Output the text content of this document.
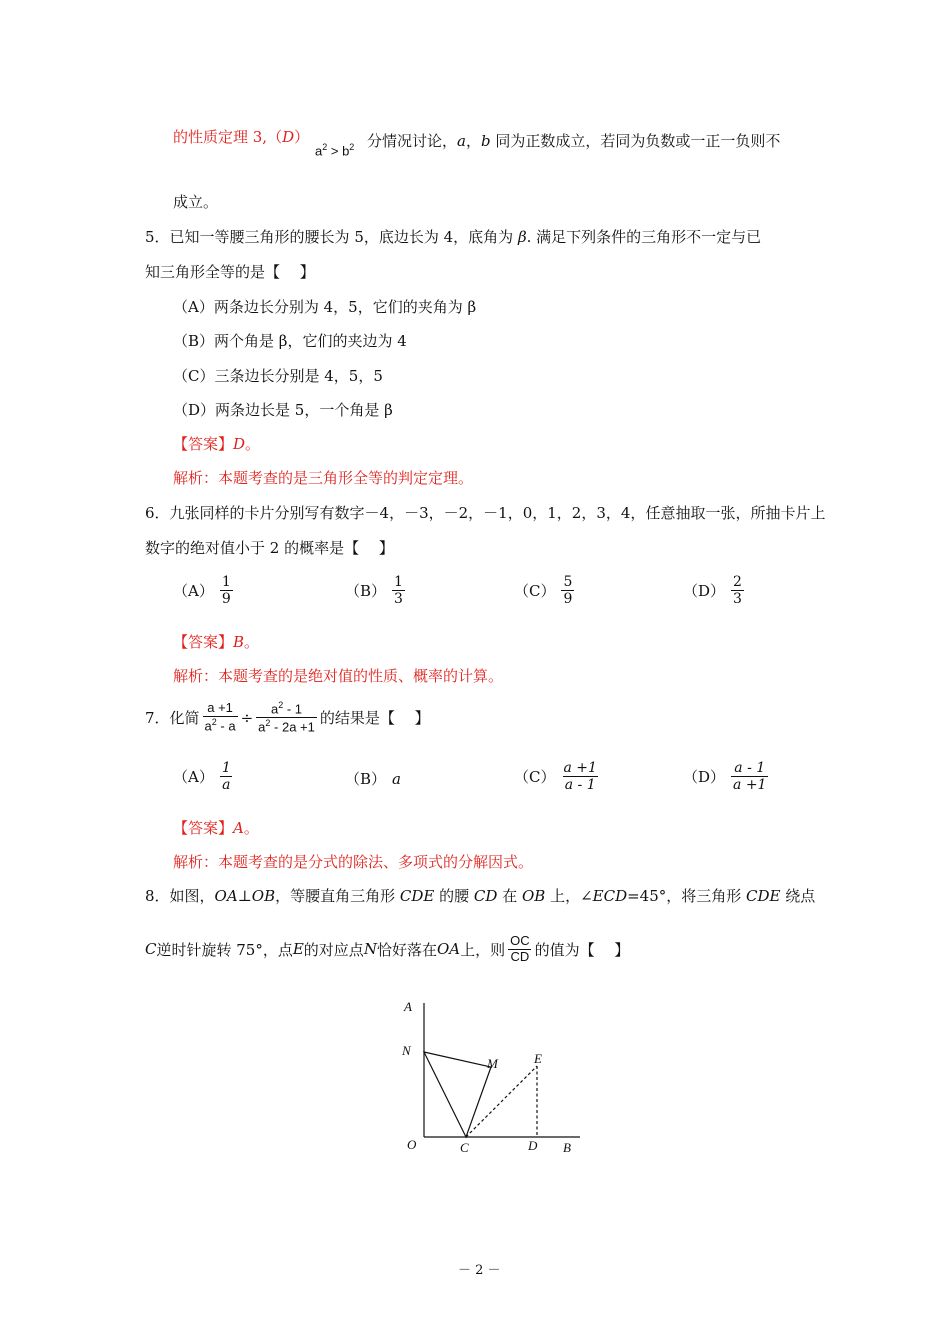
的性质定理 3,（D）
$a^2 > b^2$ 分情况讨论，a，b 同为正数成立，若同为负数或一正一负则不
成立。
5．已知一等腰三角形的腰长为 5，底边长为 4，底角为 β. 满足下列条件的三角形不一定与已
知三角形全等的是【　 】
（A）两条边长分别为 4，5，它们的夹角为 β
（B）两个角是 β，它们的夹边为 4
（C）三条边长分别是 4，5，5
（D）两条边长是 5，一个角是 β
【答案】D。
解析：本题考查的是三角形全等的判定定理。
6．九张同样的卡片分别写有数字－4，－3，－2，－1，0，1，2，3，4，任意抽取一张，所抽卡片上
数字的绝对值小于 2 的概率是【　 】
$(A) \frac{1}{9}$	$(B) \frac{1}{3}$	$(C) \frac{5}{9}$	$(D) \frac{2}{3}$
【答案】B。
解析：本题考查的是绝对值的性质、概率的计算。
7．化简 $\frac{a +1}{a^2 - a} \div \frac{a^2 - 1}{a^2 - 2a +1}$ 的结果是【　 】
$(A) \frac{1}{a}$	（B） a	$(C) \frac{a +1}{a - 1}$	$(D) \frac{a - 1}{a +1}$
【答案】A。
解析：本题考查的是分式的除法、多项式的分解因式。
8．如图，OA⊥OB，等腰直角三角形 CDE 的腰 CD 在 OB 上，∠ECD=45°，将三角形 CDE 绕点
C 逆时针旋转 75°，点 E 的对应点 N 恰好落在 OA 上，则 $\frac{OC}{CD}$ 的值为【　 】
A
N
M	E
O	C	D B
－ 2 －
